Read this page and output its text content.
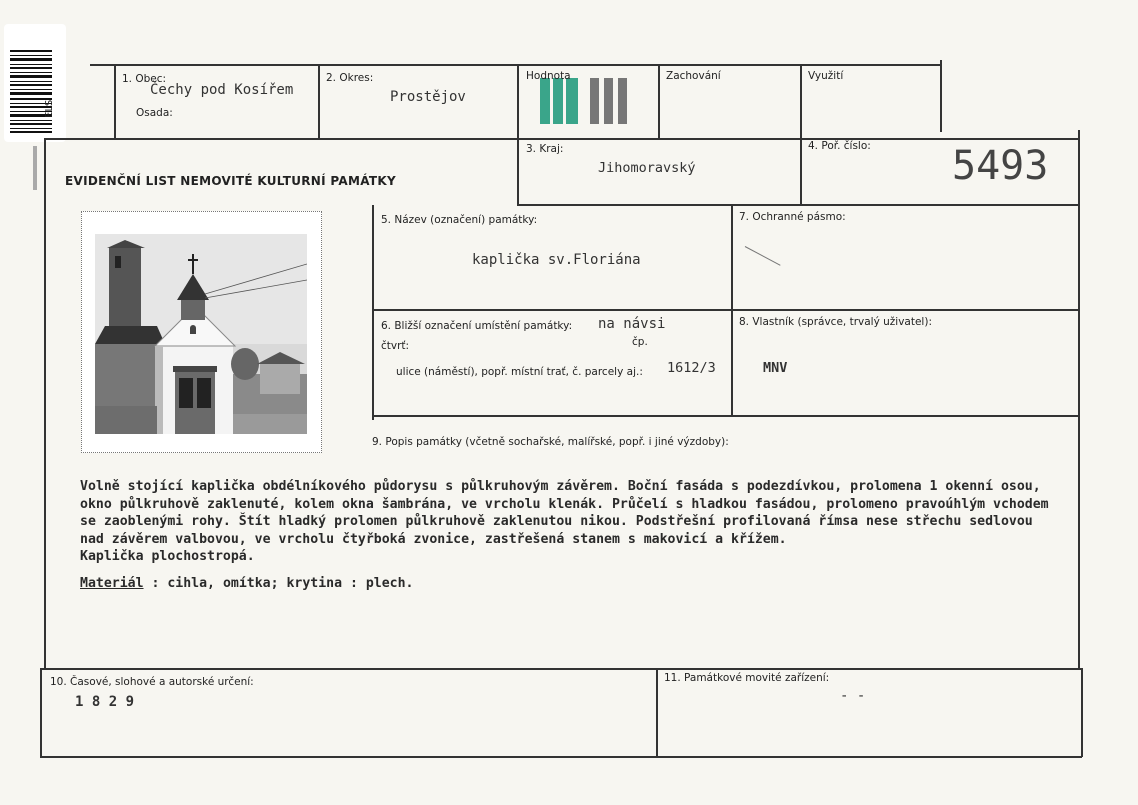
ELS
1. Obec:
Čechy pod Kosířem
Osada:
2. Okres:
Prostějov
Hodnota	Zachování	Využití
EVIDENČNÍ LIST NEMOVITÉ KULTURNÍ PAMÁTKY
3. Kraj:
Jihomoravský
4. Poř. číslo: 5493
5. Název (označení) památky:
kaplička sv.Floriána
7. Ochranné pásmo:
6. Bližší označení umístění památky: na návsi
čtvrť:	čp.
ulice (náměstí), popř. místní trať, č. parcely aj.: 1612/3
8. Vlastník (správce, trvalý uživatel):
MNV
9. Popis památky (včetně sochařské, malířské, popř. i jiné výzdoby):
Volně stojící kaplička obdélníkového půdorysu s půlkruhovým závěrem. Boční fasáda s podezdívkou, prolomena 1 okenní osou,
okno půlkruhově zaklenuté, kolem okna šambrána, ve vrcholu klenák. Průčelí s hladkou fasádou, prolomeno pravoúhlým vchodem
se zaoblenými rohy. Štít hladký prolomen půlkruhově zaklenutou nikou. Podstřešní profilovaná římsa nese střechu sedlovou
nad závěrem valbovou, ve vrcholu čtyřboká zvonice, zastřešená stanem s makovicí a křížem.
Kaplička plochostropá.
Materiál : cihla, omítka; krytina : plech.
10. Časové, slohové a autorské určení:
1 8 2 9
11. Památkové movité zařízení:
- -
